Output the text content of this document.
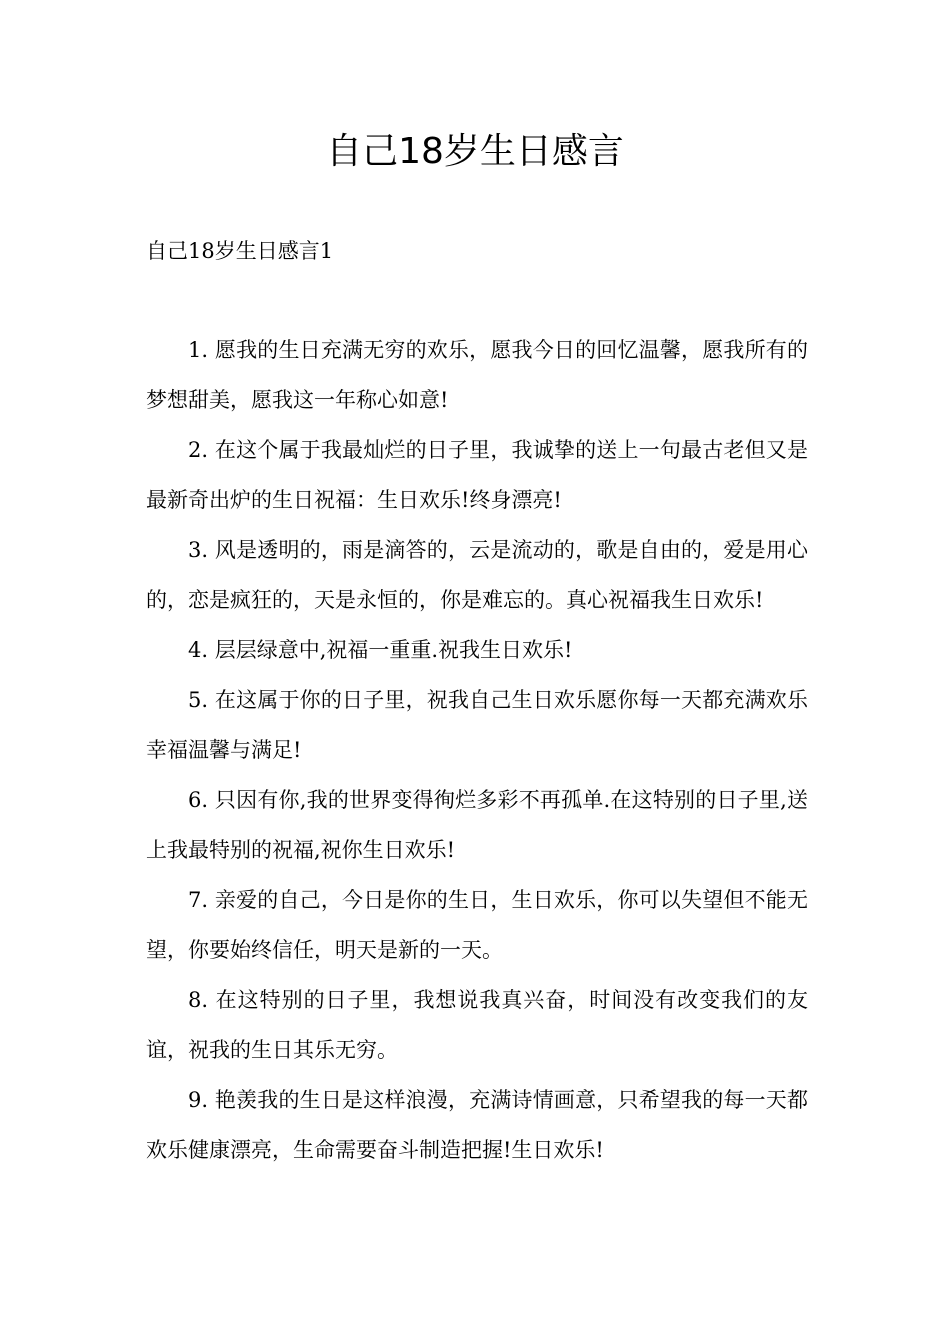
自己18岁生日感言
自己18岁生日感言1

1. 愿我的生日充满无穷的欢乐，愿我今日的回忆温馨，愿我所有的梦想甜美，愿我这一年称心如意!

2. 在这个属于我最灿烂的日子里，我诚挚的送上一句最古老但又是最新奇出炉的生日祝福：生日欢乐!终身漂亮!

3. 风是透明的，雨是滴答的，云是流动的，歌是自由的，爱是用心的，恋是疯狂的，天是永恒的，你是难忘的。真心祝福我生日欢乐!

4. 层层绿意中,祝福一重重.祝我生日欢乐!

5. 在这属于你的日子里，祝我自己生日欢乐愿你每一天都充满欢乐幸福温馨与满足!

6. 只因有你,我的世界变得徇烂多彩不再孤单.在这特别的日子里,送上我最特别的祝福,祝你生日欢乐!

7. 亲爱的自己，今日是你的生日，生日欢乐，你可以失望但不能无望，你要始终信任，明天是新的一天。

8. 在这特别的日子里，我想说我真兴奋，时间没有改变我们的友谊，祝我的生日其乐无穷。

9. 艳羡我的生日是这样浪漫，充满诗情画意，只希望我的每一天都欢乐健康漂亮，生命需要奋斗制造把握!生日欢乐!
